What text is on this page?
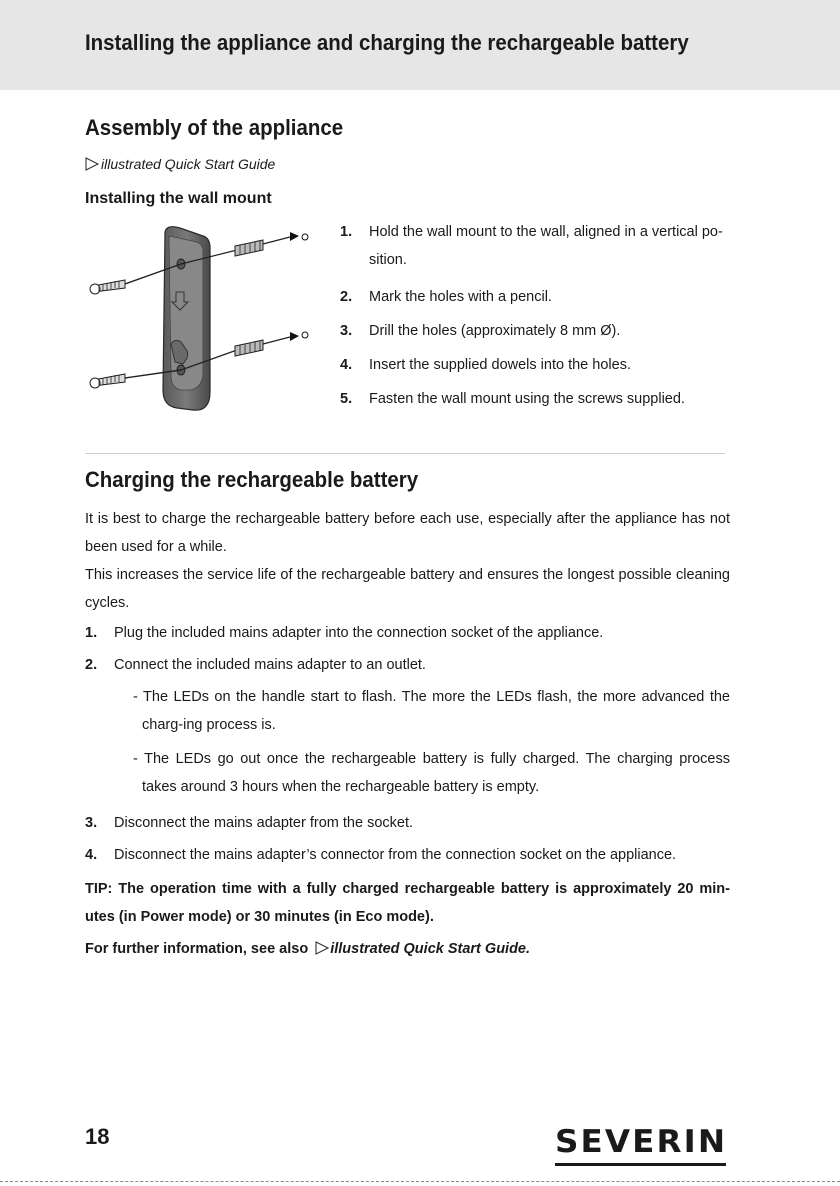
Installing the appliance and charging the rechargeable battery
Assembly of the appliance
illustrated Quick Start Guide
Installing the wall mount
1. Hold the wall mount to the wall, aligned in a vertical po-sition.
2. Mark the holes with a pencil.
3. Drill the holes (approximately 8 mm Ø).
4. Insert the supplied dowels into the holes.
5. Fasten the wall mount using the screws supplied.
Charging the rechargeable battery

It is best to charge the rechargeable battery before each use, especially after the appliance has not been used for a while.

This increases the service life of the rechargeable battery and ensures the longest possible cleaning cycles.

1. Plug the included mains adapter into the connection socket of the appliance.
2. Connect the included mains adapter to an outlet.
- The LEDs on the handle start to flash. The more the LEDs flash, the more advanced the charg-ing process is.
- The LEDs go out once the rechargeable battery is fully charged. The charging process takes around 3 hours when the rechargeable battery is empty.
3. Disconnect the mains adapter from the socket.
4. Disconnect the mains adapter’s connector from the connection socket on the appliance.
TIP: The operation time with a fully charged rechargeable battery is approximately 20 min-utes (in Power mode) or 30 minutes (in Eco mode).
For further information, see also illustrated Quick Start Guide.
18	SEVERIN
